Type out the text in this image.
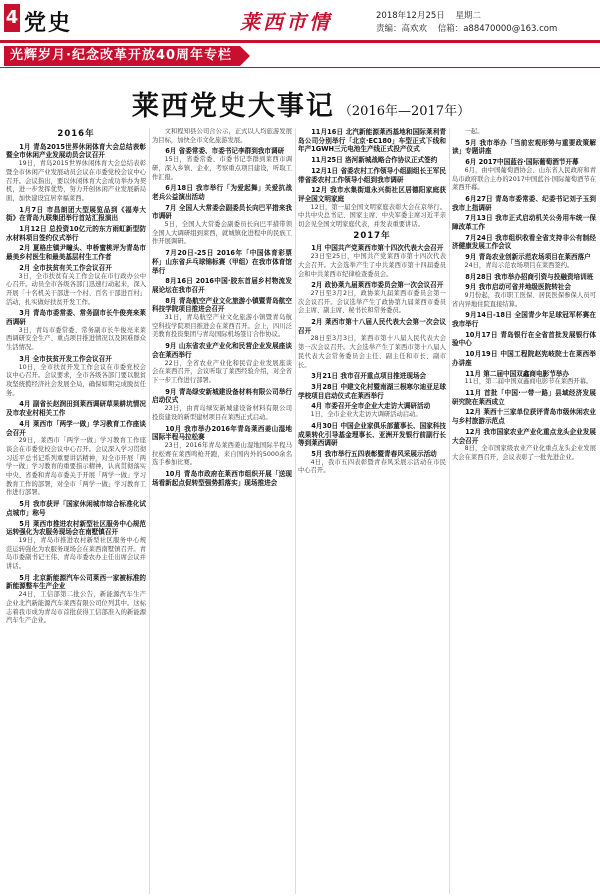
4 党史	莱西市情	2018年12月25日 星期二
责编：高欢欢 信箱：a88470000@163.com
光辉岁月·纪念改革开放40周年专栏
莱西党史大事记 （2016年—2017年）
2016年
1月 青岛2015世界休闲体育大会总结表彰暨全市休闲产业发展动员会议召开
19日，青岛2015世界休闲体育大会总结表彰暨全市休闲产业发展动员会议在市委党校会议中心召开。会议指出，要以休闲体育大会成功举办为契机，进一步发挥优势，努力开创休闲产业发展新局面，加快建设宜居幸福莱西。
1月7日 市昌朗团大型展览品到《福寿大街》在青岛九联集团举行首站汇报演出
1月12日 总投资10亿元的东方雨虹新型防水材料项目签约仪式举行
2月 夏格庄镇尹疃头、申桥蜜桃评为青岛市最美乡村医生和最美基层村生工作者
2月 全市扶贫有关工作会议召开
3日，全市扶贫有关工作会议在市行政办公中心召开。动员全市各级各部门迅速行动起来，深入开展「十名机关干部进一个村、百名干部进百村」活动，扎实做好扶贫开发工作。
3月 青岛市委常委、常务副市长牛俊亮来莱西调研
3日，青岛市委常委、常务副市长牛俊亮来莱西调研安全生产、重点项目推进情况以及困难群众生活情况。
3月 全市扶贫开发工作会议召开
10日，全市扶贫开发工作会议在市委党校会议中心召开。会议要求，全市各级各部门要以脱贫攻坚统揽经济社会发展全局，确保如期完成脱贫任务。
4月 副省长赵润田到莱西调研草果耕坑情况及市农业村相关工作
4月 莱西市「两学一做」学习教育工作座谈会召开
29日，莱西市「两学一做」学习教育工作座谈会在市委党校会议中心召开。会议深入学习贯彻习近平总书记系列重要讲话精神，对全市开展「两学一做」学习教育的重要指示精神，认真贯彻落实中央、省委和青岛市委关于开展「两学一做」学习教育工作的部署，对全市「两学一做」学习教育工作进行部署。
5月 我市获评「国家休闲城市综合标准化试点城市」称号
5月 莱西市推进农村新型社区服务中心规范运转强化为农服务现场会在南墅镇召开
19日，青岛市推进农村新型社区服务中心规范运转强化为农服务现场会在莱西南墅镇召开。青岛市委副书记王伟、青岛市委农办主任出席会议并讲话。
5月 北京新能源汽车公司莱西一家被标准的新能源整车生产企业
24日，工信部第二批公告，新能源汽车生产企业北汽新能源汽车莱西有限公司位列其中。这标志着我市成为青岛市首批获得工信部准入的新能源汽车生产企业。
文和程知县公司合公示，正式以人均旅游发展为目标，加快全市文化旅游发展。
6月 省委常委、市委书记李群到我市调研
15日，省委常委、市委书记李群到莱西市调研，深入乡镇、企业，考察重点项目建设，听取工作汇报。
6月18日 我市举行「为爱起舞」关爱抗战老兵公益演出活动
7月 全国人大常委会副委员长向巴平措来我市调研
5日，全国人大常委会副委员长向巴平措带领全国人大调研组到莱西，就城镇化进程中的民族工作开展调研。
7月20日-25日 2016年「中国体育彩票杯」山东省乒乓球锦标赛（甲组）在我市体育馆举行
8月16日 2016中国·胶东首届乡村物流发展论坛在我市召开
8月 青岛航空产业文化旅游小镇暨青岛航空科技学院项目推进会召开
31日，青岛航空产业文化旅游小镇暨青岛航空科技学院项目推进会在莱西召开。会上，四川泛美教育投资集团与青岛国际机场签订合作协议。
9月 山东省农业产业化和民营企业发展座谈会在莱西举行
22日，全省农业产业化和民营企业发展座谈会在莱西召开，会议听取了莱西经验介绍，对全省下一步工作进行部署。
9月 青岛绿安新城建设备材料有限公司举行启动仪式
23日，由青岛绿安新城建设备材料有限公司投资建设的新型建材项目在莱西正式启动。
10月 我市举办2016年青岛莱西姜山湿地国际半程马拉松赛
23日，2016年青岛莱西姜山湿地国际半程马拉松赛在莱西鸣枪开跑，来自国内外的5000余名选手参加比赛。
10月 青岛市政府在莱西市组织开展「送现场看新起点促转型强势抓落实」现场推进会
11月16日 北汽新能源莱西基地和国际莱利青岛公司分别举行「北京·EC180」车型正式下线和年产1GWH三元电池生产线正式投产仪式
11月25日 洛河新城战略合作协议正式签约
12月1日 省委农村工作领导小组副组长王军民带省委农村工作领导小组到我市调研
12月 我市水集街道永兴街社区居德阳家庭获评全国文明家庭
12日，第一届全国文明家庭表彰大会在京举行。中共中央总书记、国家主席、中央军委主席习近平亲切会见全国文明家庭代表，并发表重要讲话。
2017年
1月 中国共产党莱西市第十四次代表大会召开
23日至25日，中国共产党莱西市第十四次代表大会召开。大会选举产生了中共莱西市第十四届委员会和中共莱西市纪律检查委员会。
2月 政协莱九届莱西市委员会第一次会议召开
27日至3月2日，政协莱九届莱西市委员会第一次会议召开。会议选举产生了政协第九届莱西市委员会主席、副主席、秘书长和常务委员。
2月 莱西市第十八届人民代表大会第一次会议召开
28日至3月3日，莱西市第十八届人民代表大会第一次会议召开。大会选举产生了莱西市第十八届人民代表大会常务委员会主任、副主任和市长、副市长。
3月21日 我市召开重点项目推进现场会
3月28日 中建文化村暨南湖三根寒尔迪亚足球学校项目启动仪式在莱西举行
4月 市委召开全市企业大走访大调研活动
1日，全市企业大走访大调研活动启动。
4月30日 中国企业家俱乐部董事长、国家科技成果转化引导基金理事长、亚洲开发银行前副行长等到莱西调研
5月 我市举行五四表彰暨青春风采展示活动
4日，我市五四表彰暨青春风采展示活动在市民中心召开。
一起。
5月 我市举办「当前宏观形势与重要政策解读」专题讲座
6月 2017中国蓝谷·国际葡萄酒节开幕
6月，由中国葡萄酒协会、山东省人民政府和青岛市政府联合主办的2017中国蓝谷·国际葡萄酒节在莱西开幕。
6月27日 青岛市委常委、纪委书记刘子玉到我市上指调研
7月13日 我市正式启动机关公务用车统一保障改革工作
7月24日 我市组织收看全省支持非公有制经济健康发展工作会议
9月 青岛农业创新示范农场项目在莱西落户
24日，青岛示范农场项目在莱西签约。
8月28日 我市举办招商引资与投融资培训班
9月 我市启动可省并地级医院转社会
9月份起，我市职工医保、居民医保参保人员可省内异地住院直接结算。
9月14日-18日 全国青少年足球冠军杯赛在我市举行
10月17日 青岛银行在全省首批发展银行体验中心
10月19日 中国工程院赵宪岐院士在莱西举办讲座
11月 第二届中国双鑫商电影节举办
11日，第二届中国双鑫商电影节在莱西开幕。
11月 首批「中国·一带一路」县域经济发展研究院在莱西成立
12月 莱西十三家单位获评青岛市级休闲农业与乡村旅游示范点
12月 我市国家农业产业化重点龙头企业发展大会召开
8日，全市国家级农业产业化重点龙头企业发展大会在莱西召开，会议表彰了一批先进企业。
